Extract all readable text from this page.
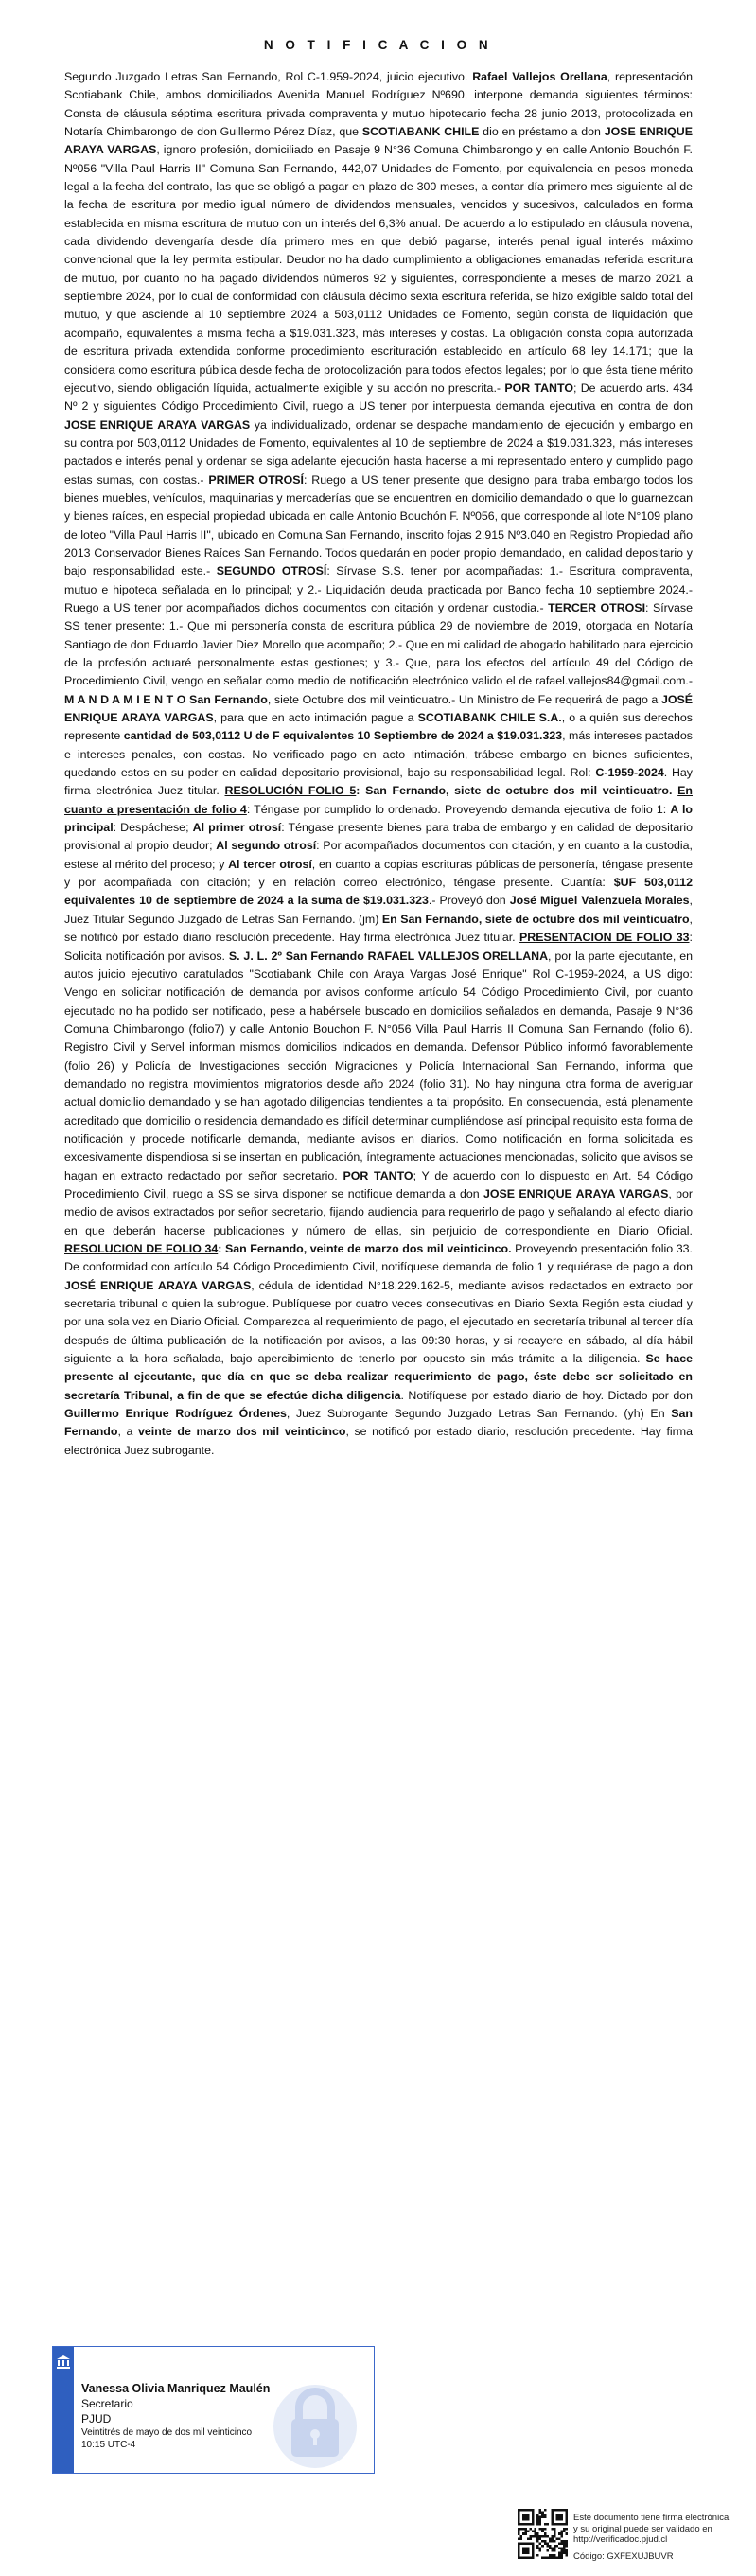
N O T I F I C A C I O N

Segundo Juzgado Letras San Fernando, Rol C-1.959-2024, juicio ejecutivo. Rafael Vallejos Orellana, representación Scotiabank Chile, ambos domiciliados Avenida Manuel Rodríguez Nº690, interpone demanda siguientes términos: Consta de cláusula séptima escritura privada compraventa y mutuo hipotecario fecha 28 junio 2013, protocolizada en Notaría Chimbarongo de don Guillermo Pérez Díaz, que SCOTIABANK CHILE dio en préstamo a don JOSE ENRIQUE ARAYA VARGAS, ignoro profesión, domiciliado en Pasaje 9 N°36 Comuna Chimbarongo y en calle Antonio Bouchón F. Nº056 "Villa Paul Harris II" Comuna San Fernando, 442,07 Unidades de Fomento, por equivalencia en pesos moneda legal a la fecha del contrato, las que se obligó a pagar en plazo de 300 meses, a contar día primero mes siguiente al de la fecha de escritura por medio igual número de dividendos mensuales, vencidos y sucesivos, calculados en forma establecida en misma escritura de mutuo con un interés del 6,3% anual. De acuerdo a lo estipulado en cláusula novena, cada dividendo devengaría desde día primero mes en que debió pagarse, interés penal igual interés máximo convencional que la ley permita estipular. Deudor no ha dado cumplimiento a obligaciones emanadas referida escritura de mutuo, por cuanto no ha pagado dividendos números 92 y siguientes, correspondiente a meses de marzo 2021 a septiembre 2024, por lo cual de conformidad con cláusula décimo sexta escritura referida, se hizo exigible saldo total del mutuo, y que asciende al 10 septiembre 2024 a 503,0112 Unidades de Fomento, según consta de liquidación que acompaño, equivalentes a misma fecha a $19.031.323, más intereses y costas. La obligación consta copia autorizada de escritura privada extendida conforme procedimiento escrituración establecido en artículo 68 ley 14.171; que la considera como escritura pública desde fecha de protocolización para todos efectos legales; por lo que ésta tiene mérito ejecutivo, siendo obligación líquida, actualmente exigible y su acción no prescrita.- POR TANTO; De acuerdo arts. 434 Nº 2 y siguientes Código Procedimiento Civil, ruego a US tener por interpuesta demanda ejecutiva en contra de don JOSE ENRIQUE ARAYA VARGAS ya individualizado, ordenar se despache mandamiento de ejecución y embargo en su contra por 503,0112 Unidades de Fomento, equivalentes al 10 de septiembre de 2024 a $19.031.323, más intereses pactados e interés penal y ordenar se siga adelante ejecución hasta hacerse a mi representado entero y cumplido pago estas sumas, con costas.- PRIMER OTROSÍ: Ruego a US tener presente que designo para traba embargo todos los bienes muebles, vehículos, maquinarias y mercaderías que se encuentren en domicilio demandado o que lo guarnezcan y bienes raíces, en especial propiedad ubicada en calle Antonio Bouchón F. Nº056, que corresponde al lote N°109 plano de loteo "Villa Paul Harris II", ubicado en Comuna San Fernando, inscrito fojas 2.915 Nº3.040 en Registro Propiedad año 2013 Conservador Bienes Raíces San Fernando. Todos quedarán en poder propio demandado, en calidad depositario y bajo responsabilidad este.- SEGUNDO OTROSÍ: Sírvase S.S. tener por acompañadas: 1.- Escritura compraventa, mutuo e hipoteca señalada en lo principal; y 2.- Liquidación deuda practicada por Banco fecha 10 septiembre 2024.- Ruego a US tener por acompañados dichos documentos con citación y ordenar custodia.- TERCER OTROSI: Sírvase SS tener presente: 1.- Que mi personería consta de escritura pública 29 de noviembre de 2019, otorgada en Notaría Santiago de don Eduardo Javier Diez Morello que acompaño; 2.- Que en mi calidad de abogado habilitado para ejercicio de la profesión actuaré personalmente estas gestiones; y 3.- Que, para los efectos del artículo 49 del Código de Procedimiento Civil, vengo en señalar como medio de notificación electrónico valido el de rafael.vallejos84@gmail.com.- M A N D A M I E N T O San Fernando, siete Octubre dos mil veinticuatro.- Un Ministro de Fe requerirá de pago a JOSÉ ENRIQUE ARAYA VARGAS, para que en acto intimación pague a SCOTIABANK CHILE S.A., o a quién sus derechos represente cantidad de 503,0112 U de F equivalentes 10 Septiembre de 2024 a $19.031.323, más intereses pactados e intereses penales, con costas. No verificado pago en acto intimación, trábese embargo en bienes suficientes, quedando estos en su poder en calidad depositario provisional, bajo su responsabilidad legal. Rol: C-1959-2024. Hay firma electrónica Juez titular. RESOLUCIÓN FOLIO 5: San Fernando, siete de octubre dos mil veinticuatro. En cuanto a presentación de folio 4: Téngase por cumplido lo ordenado. Proveyendo demanda ejecutiva de folio 1: A lo principal: Despáchese; Al primer otrosí: Téngase presente bienes para traba de embargo y en calidad de depositario provisional al propio deudor; Al segundo otrosí: Por acompañados documentos con citación, y en cuanto a la custodia, estese al mérito del proceso; y Al tercer otrosí, en cuanto a copias escrituras públicas de personería, téngase presente y por acompañada con citación; y en relación correo electrónico, téngase presente. Cuantía: $UF 503,0112 equivalentes 10 de septiembre de 2024 a la suma de $19.031.323.- Proveyó don José Miguel Valenzuela Morales, Juez Titular Segundo Juzgado de Letras San Fernando. (jm) En San Fernando, siete de octubre dos mil veinticuatro, se notificó por estado diario resolución precedente. Hay firma electrónica Juez titular. PRESENTACION DE FOLIO 33: Solicita notificación por avisos. S. J. L. 2º San Fernando RAFAEL VALLEJOS ORELLANA, por la parte ejecutante, en autos juicio ejecutivo caratulados "Scotiabank Chile con Araya Vargas José Enrique" Rol C-1959-2024, a US digo: Vengo en solicitar notificación de demanda por avisos conforme artículo 54 Código Procedimiento Civil, por cuanto ejecutado no ha podido ser notificado, pese a habérsele buscado en domicilios señalados en demanda, Pasaje 9 N°36 Comuna Chimbarongo (folio7) y calle Antonio Bouchon F. N°056 Villa Paul Harris II Comuna San Fernando (folio 6). Registro Civil y Servel informan mismos domicilios indicados en demanda. Defensor Público informó favorablemente (folio 26) y Policía de Investigaciones sección Migraciones y Policía Internacional San Fernando, informa que demandado no registra movimientos migratorios desde año 2024 (folio 31). No hay ninguna otra forma de averiguar actual domicilio demandado y se han agotado diligencias tendientes a tal propósito. En consecuencia, está plenamente acreditado que domicilio o residencia demandado es difícil determinar cumpliéndose así principal requisito esta forma de notificación y procede notificarle demanda, mediante avisos en diarios. Como notificación en forma solicitada es excesivamente dispendiosa si se insertan en publicación, íntegramente actuaciones mencionadas, solicito que avisos se hagan en extracto redactado por señor secretario. POR TANTO; Y de acuerdo con lo dispuesto en Art. 54 Código Procedimiento Civil, ruego a SS se sirva disponer se notifique demanda a don JOSE ENRIQUE ARAYA VARGAS, por medio de avisos extractados por señor secretario, fijando audiencia para requerirlo de pago y señalando al efecto diario en que deberán hacerse publicaciones y número de ellas, sin perjuicio de correspondiente en Diario Oficial. RESOLUCION DE FOLIO 34: San Fernando, veinte de marzo dos mil veinticinco. Proveyendo presentación folio 33. De conformidad con artículo 54 Código Procedimiento Civil, notifíquese demanda de folio 1 y requiérase de pago a don JOSÉ ENRIQUE ARAYA VARGAS, cédula de identidad N°18.229.162-5, mediante avisos redactados en extracto por secretaria tribunal o quien la subrogue. Publíquese por cuatro veces consecutivas en Diario Sexta Región esta ciudad y por una sola vez en Diario Oficial. Comparezca al requerimiento de pago, el ejecutado en secretaría tribunal al tercer día después de última publicación de la notificación por avisos, a las 09:30 horas, y si recayere en sábado, al día hábil siguiente a la hora señalada, bajo apercibimiento de tenerlo por opuesto sin más trámite a la diligencia. Se hace presente al ejecutante, que día en que se deba realizar requerimiento de pago, éste debe ser solicitado en secretaría Tribunal, a fin de que se efectúe dicha diligencia. Notifíquese por estado diario de hoy. Dictado por don Guillermo Enrique Rodríguez Órdenes, Juez Subrogante Segundo Juzgado Letras San Fernando. (yh) En San Fernando, a veinte de marzo dos mil veinticinco, se notificó por estado diario, resolución precedente. Hay firma electrónica Juez subrogante.

Vanessa Olivia Manriquez Maulén
Secretario
PJUD
Veintitrés de mayo de dos mil veinticinco
10:15 UTC-4
Este documento tiene firma electrónica
y su original puede ser validado en
http://verificadoc.pjud.cl
Código: GXFEXUJBUVR
